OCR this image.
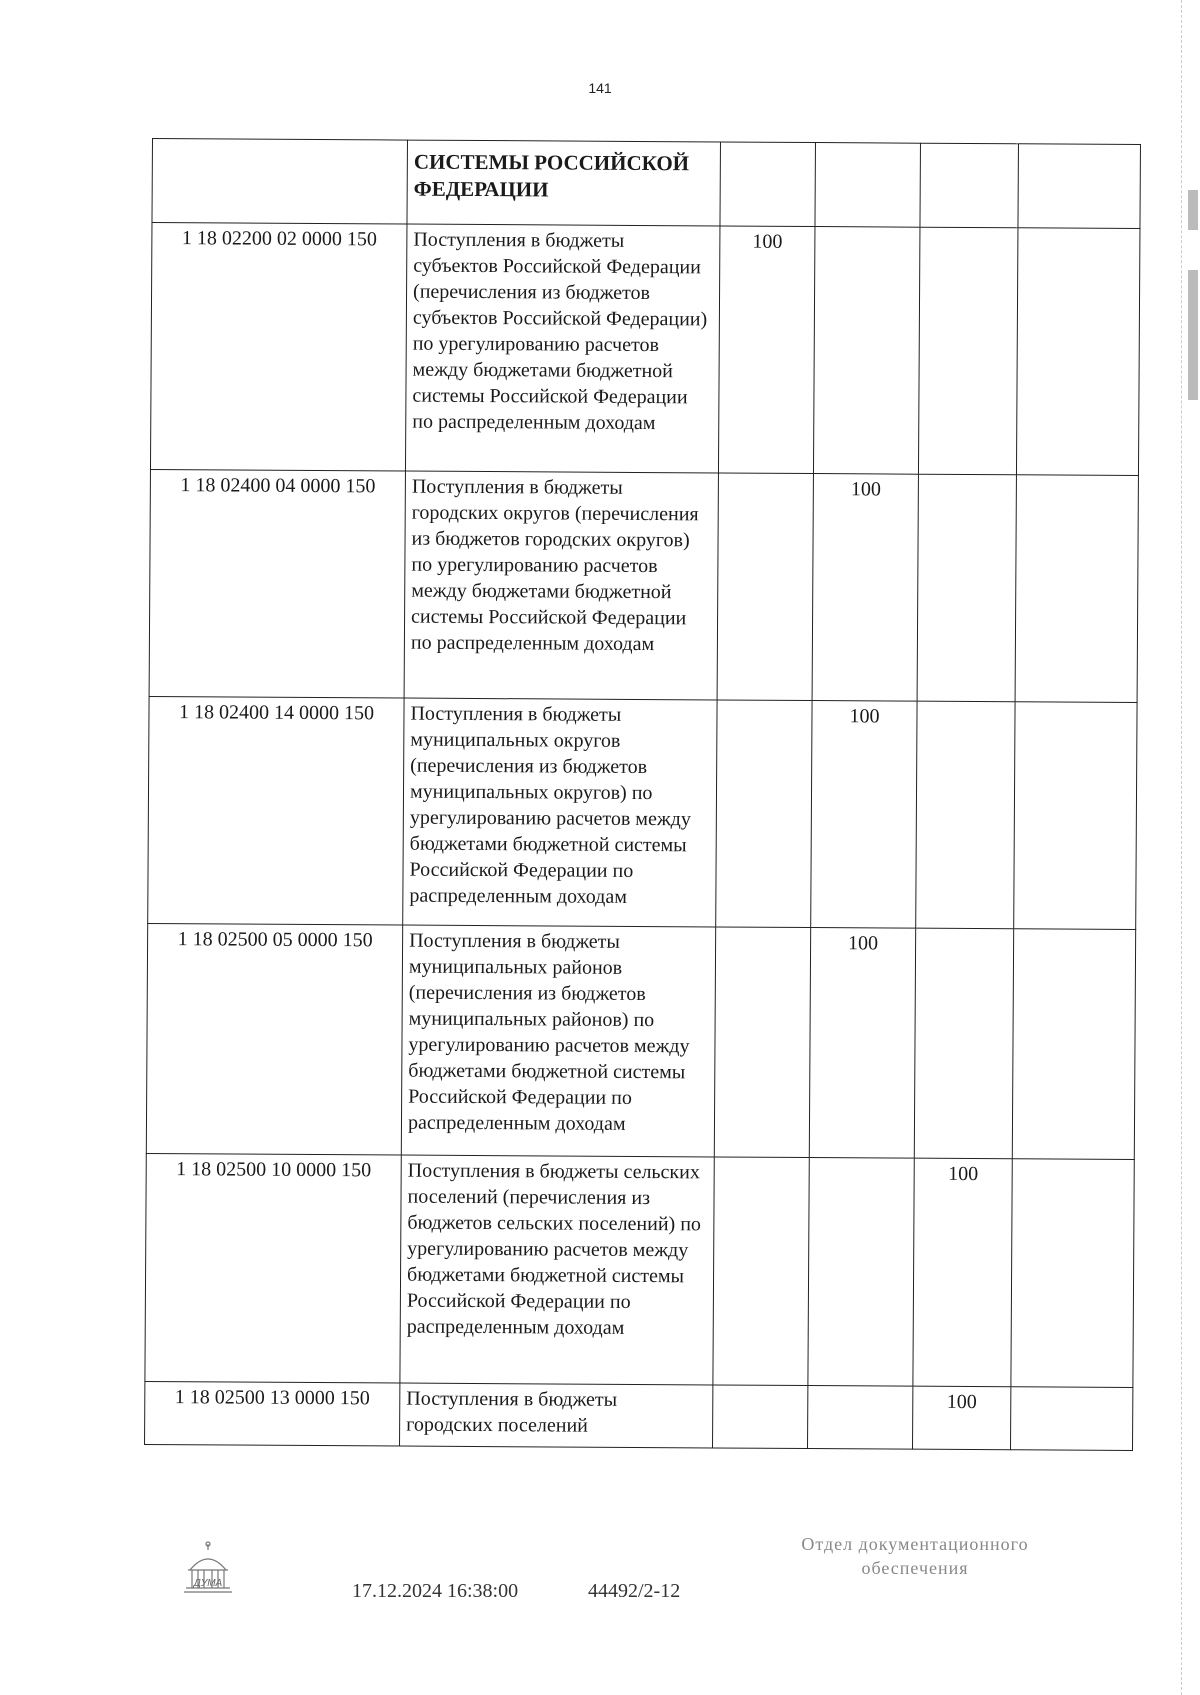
141
	СИСТЕМЫ РОССИЙСКОЙ ФЕДЕРАЦИИ				
1 18 02200 02 0000 150	Поступления в бюджеты субъектов Российской Федерации (перечисления из бюджетов субъектов Российской Федерации) по урегулированию расчетов между бюджетами бюджетной системы Российской Федерации по распределенным доходам	100			
1 18 02400 04 0000 150	Поступления в бюджеты городских округов (перечисления из бюджетов городских округов) по урегулированию расчетов между бюджетами бюджетной системы Российской Федерации по распределенным доходам		100		
1 18 02400 14 0000 150	Поступления в бюджеты муниципальных округов (перечисления из бюджетов муниципальных округов) по урегулированию расчетов между бюджетами бюджетной системы Российской Федерации по распределенным доходам		100		
1 18 02500 05 0000 150	Поступления в бюджеты муниципальных районов (перечисления из бюджетов муниципальных районов) по урегулированию расчетов между бюджетами бюджетной системы Российской Федерации по распределенным доходам		100		
1 18 02500 10 0000 150	Поступления в бюджеты сельских поселений (перечисления из бюджетов сельских поселений) по урегулированию расчетов между бюджетами бюджетной системы Российской Федерации по распределенным доходам			100	
1 18 02500 13 0000 150	Поступления в бюджеты городских поселений			100	
ДУМА	17.12.2024 16:38:00	44492/2-12
Отдел документационного
обеспечения
